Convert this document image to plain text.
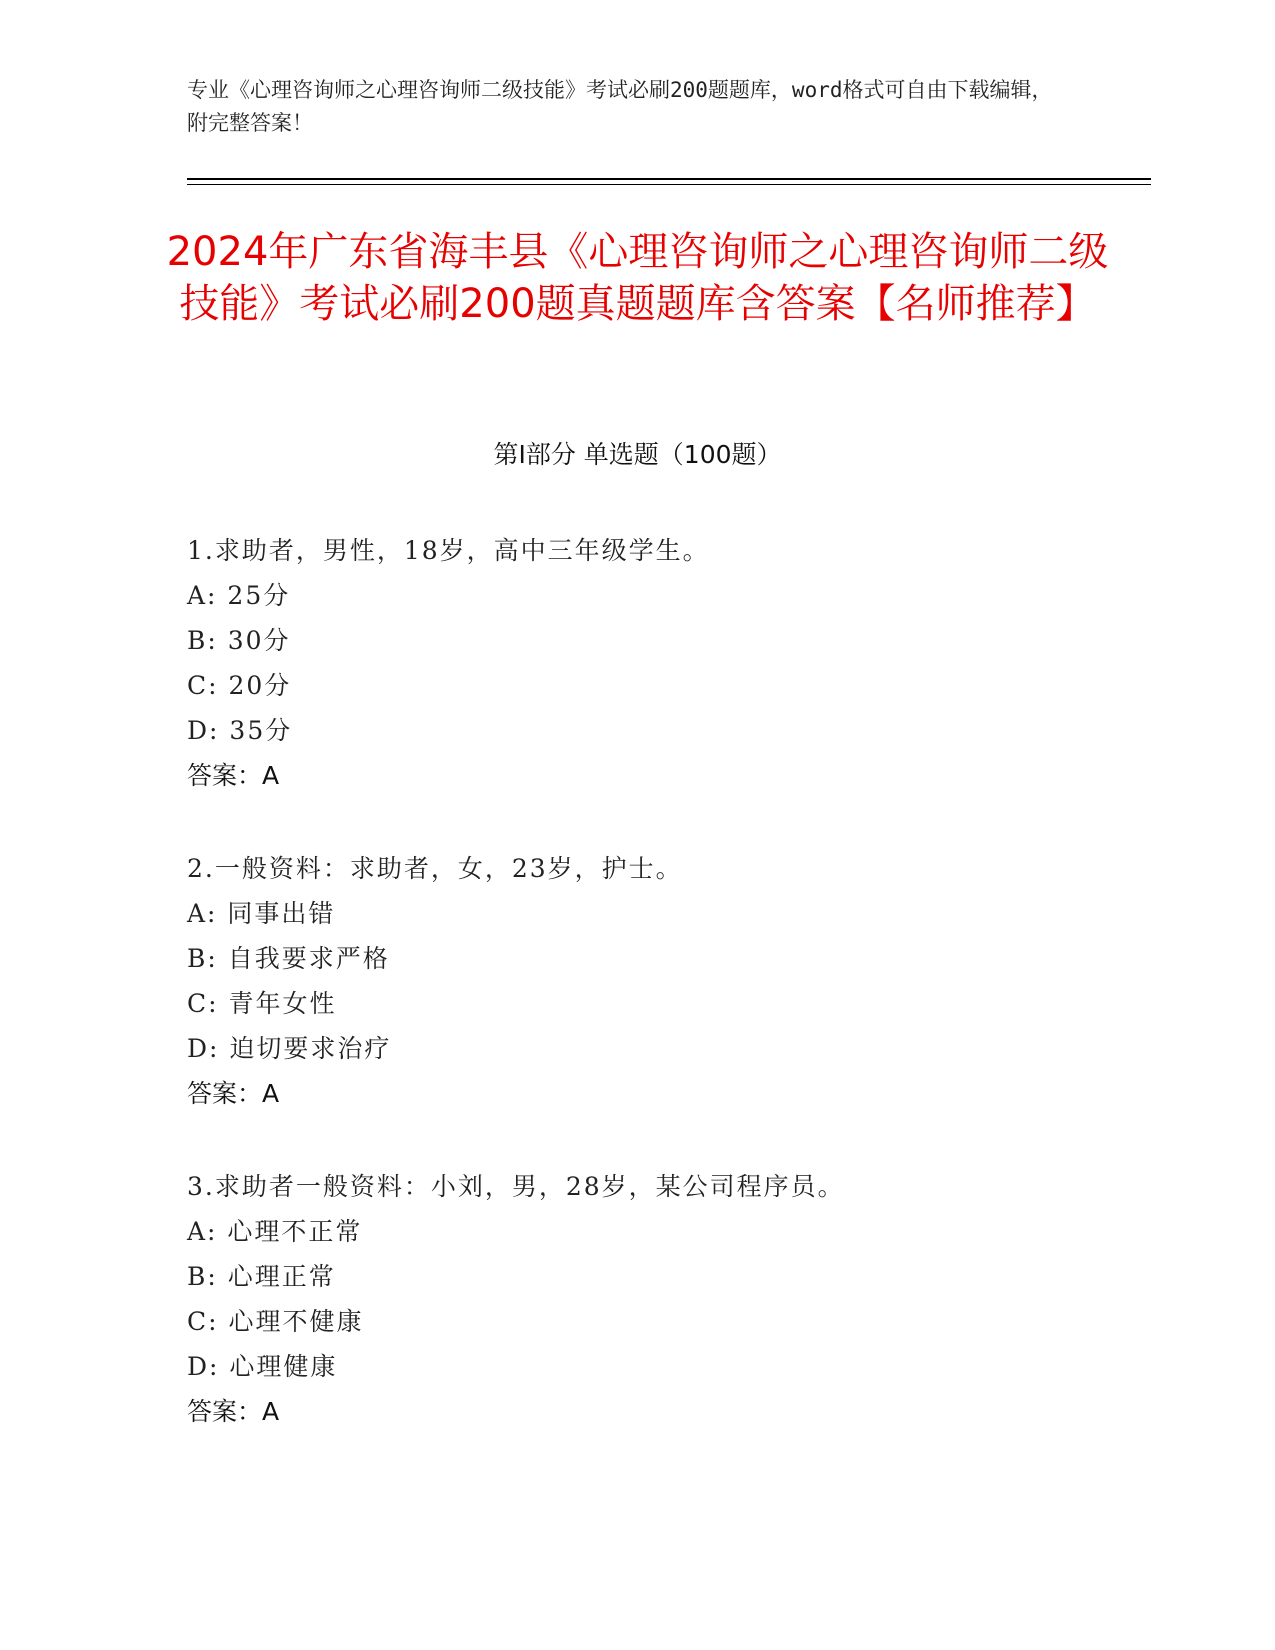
专业《心理咨询师之心理咨询师二级技能》考试必刷200题题库，word格式可自由下载编辑，附完整答案！
2024年广东省海丰县《心理咨询师之心理咨询师二级技能》考试必刷200题真题题库含答案【名师推荐】
第I部分 单选题（100题）
1.求助者，男性，18岁，高中三年级学生。
A: 25分
B: 30分
C: 20分
D: 35分
答案：A
2.一般资料：求助者，女，23岁，护士。
A: 同事出错
B: 自我要求严格
C: 青年女性
D: 迫切要求治疗
答案：A
3.求助者一般资料：小刘，男，28岁，某公司程序员。
A: 心理不正常
B: 心理正常
C: 心理不健康
D: 心理健康
答案：A
